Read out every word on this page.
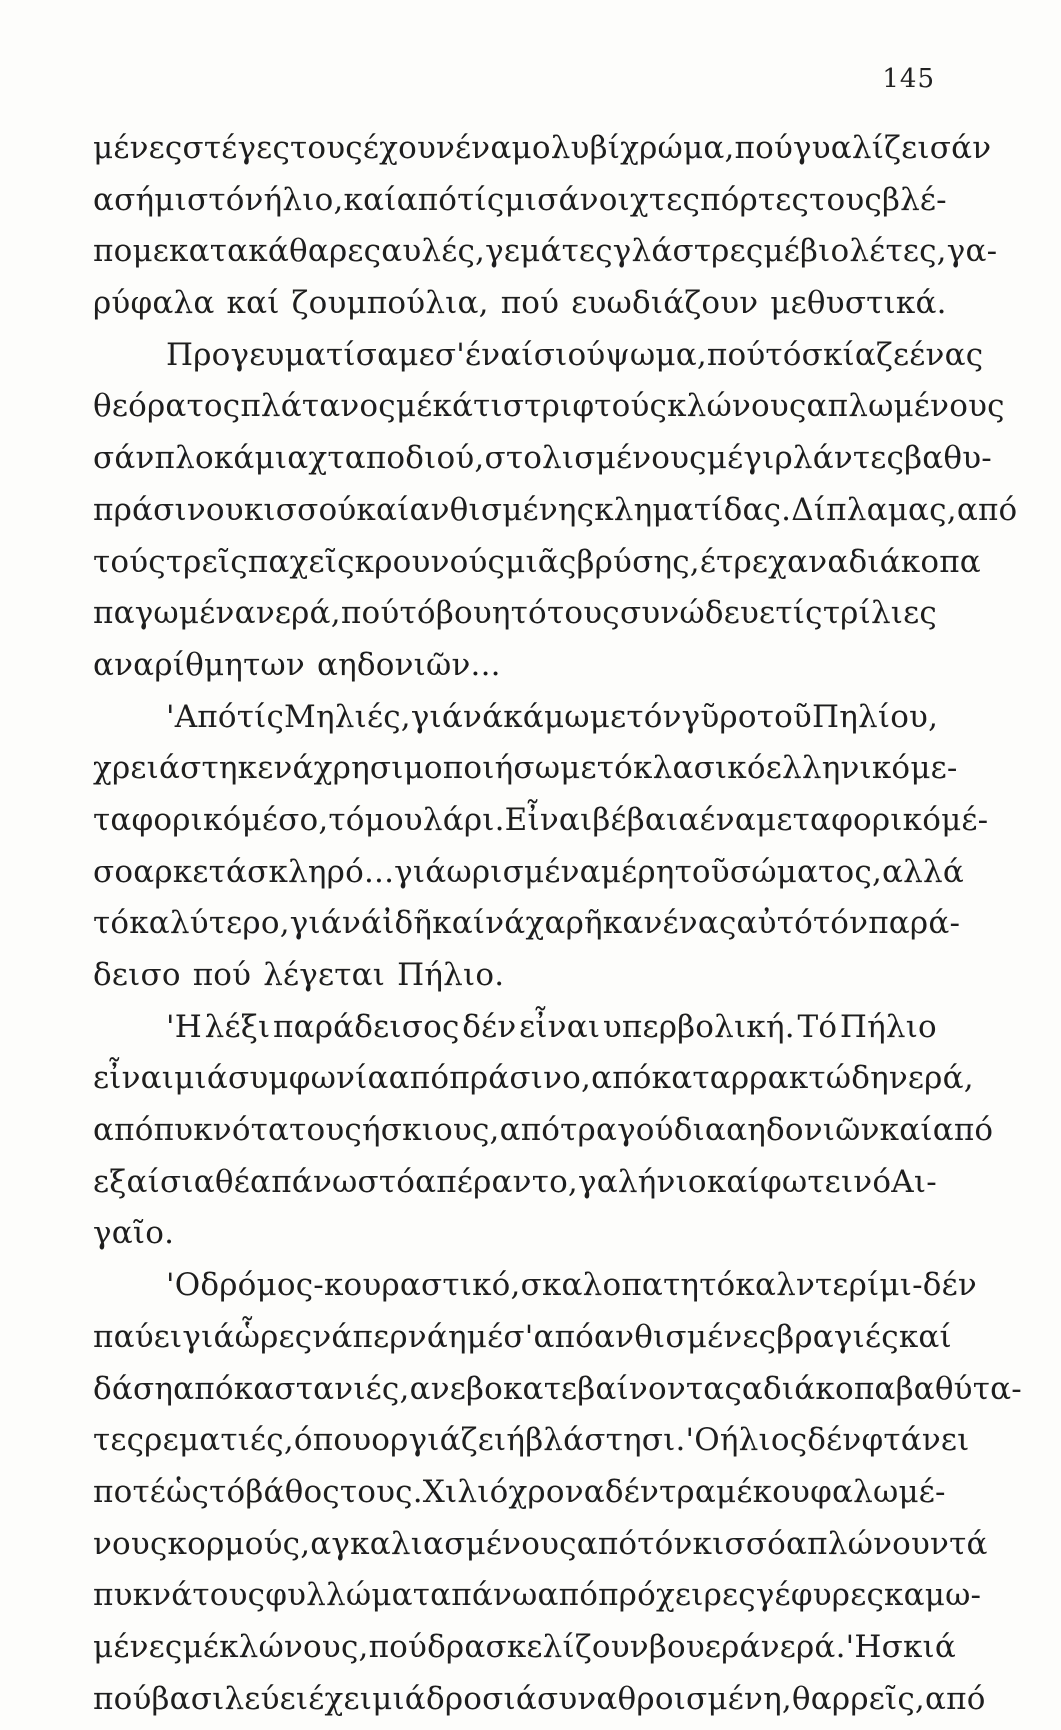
145
μένες στέγες τους έχουν ένα μολυβί χρώμα, πού γυαλίζει σάν
ασήμι στόν ήλιο, καί από τίς μισάνοιχτες πόρτες τους βλέ-
πομε κατακάθαρες αυλές, γεμάτες γλάστρες μέ βιολέτες, γα-
ρύφαλα καί ζουμπούλια, πού ευωδιάζουν μεθυστικά.
Προγευματίσαμε σ' ένα ίσιο ύψωμα, πού τό σκίαζε ένας
θεόρατος πλάτανος μέ κάτι στριφτούς κλώνους απλωμένους
σάν πλοκάμια χταποδιού, στολισμένους μέ γιρλάντες βαθυ-
πράσινου κισσού καί ανθισμένης κληματίδας. Δίπλα μας, από
τούς τρεῖς παχεῖς κρουνούς μιᾶς βρύσης, έτρεχαν αδιάκοπα
παγωμένα νερά, πού τό βουητό τους συνώδευε τίς τρίλιες
αναρίθμητων αηδονιῶν...
'Από τίς Μηλιές, γιά νά κάμωμε τόν γῦρο τοῦ Πηλίου,
χρειάστηκε νά χρησιμοποιήσωμε τό κλασικό ελληνικό με-
ταφορικό μέσο, τό μουλάρι. Εἶναι βέβαια ένα μεταφορικό μέ-
σο αρκετά σκληρό... γιά ωρισμένα μέρη τοῦ σώματος, αλλά
τό καλύτερο, γιά νά ἰδῆ καί νά χαρῆ κανένας αὐτό τόν παρά-
δεισο πού λέγεται Πήλιο.
'Η λέξι παράδεισος δέν εἶναι υπερβολική. Τό Πήλιο
εἶναι μιά συμφωνία από πράσινο, από καταρρακτώδη νερά,
από πυκνότατους ήσκιους, από τραγούδια αηδονιῶν καί από
εξαίσια θέα πάνω στό απέραντο, γαλήνιο καί φωτεινό Αι-
γαῖο.
'Ο δρόμος - κουραστικό, σκαλοπατητό καλντερίμι - δέν
παύει γιά ὧρες νά περνάη μέσ' από ανθισμένες βραγιές καί
δάση από καστανιές, ανεβοκατεβαίνοντας αδιάκοπα βαθύτα-
τες ρεματιές, όπου οργιάζει ή βλάστησι. 'Ο ήλιος δέν φτάνει
ποτέ ὡς τό βάθος τους. Χιλιόχρονα δέντρα μέ κουφαλωμέ-
νους κορμούς, αγκαλιασμένους από τόν κισσό απλώνουν τά
πυκνά τους φυλλώματα πάνω από πρόχειρες γέφυρες καμω-
μένες μέ κλώνους, πού δρασκελίζουν βουερά νερά. 'Η σκιά
πού βασιλεύει έχει μιά δροσιά συναθροισμένη, θαρρεῖς, από
